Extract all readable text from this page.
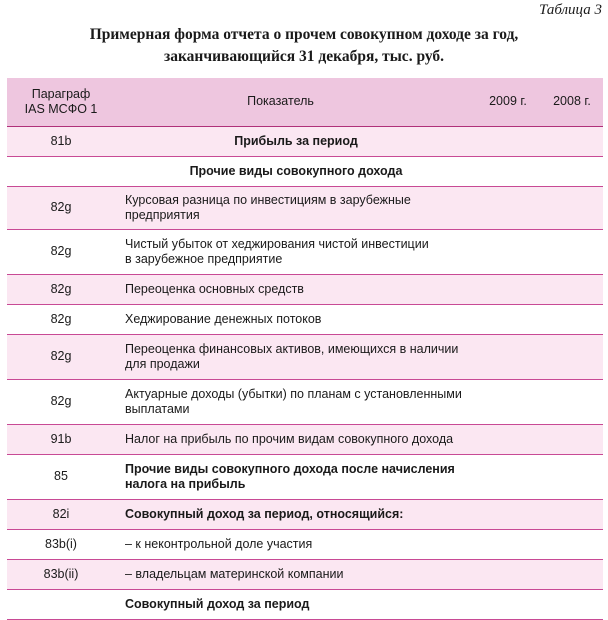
Таблица 3
Примерная форма отчета о прочем совокупном доходе за год,
заканчивающийся 31 декабря, тыс. руб.
Параграф
IAS МСФО 1	Показатель	2009 г.	2008 г.
81b	Прибыль за период		

	Прочие виды совокупного дохода		

82g	Курсовая разница по инвестициям в зарубежные предприятия		

82g	Чистый убыток от хеджирования чистой инвестиции
в зарубежное предприятие		

82g	Переоценка основных средств		

82g	Хеджирование денежных потоков		

82g	Переоценка финансовых активов, имеющихся в наличии
для продажи		

82g	Актуарные доходы (убытки) по планам с установленными
выплатами		

91b	Налог на прибыль по прочим видам совокупного дохода		

85	Прочие виды совокупного дохода после начисления
налога на прибыль		

82i	Совокупный доход за период, относящийся:		

83b(i)	– к неконтрольной доле участия		

83b(ii)	– владельцам материнской компании		

	Совокупный доход за период		
